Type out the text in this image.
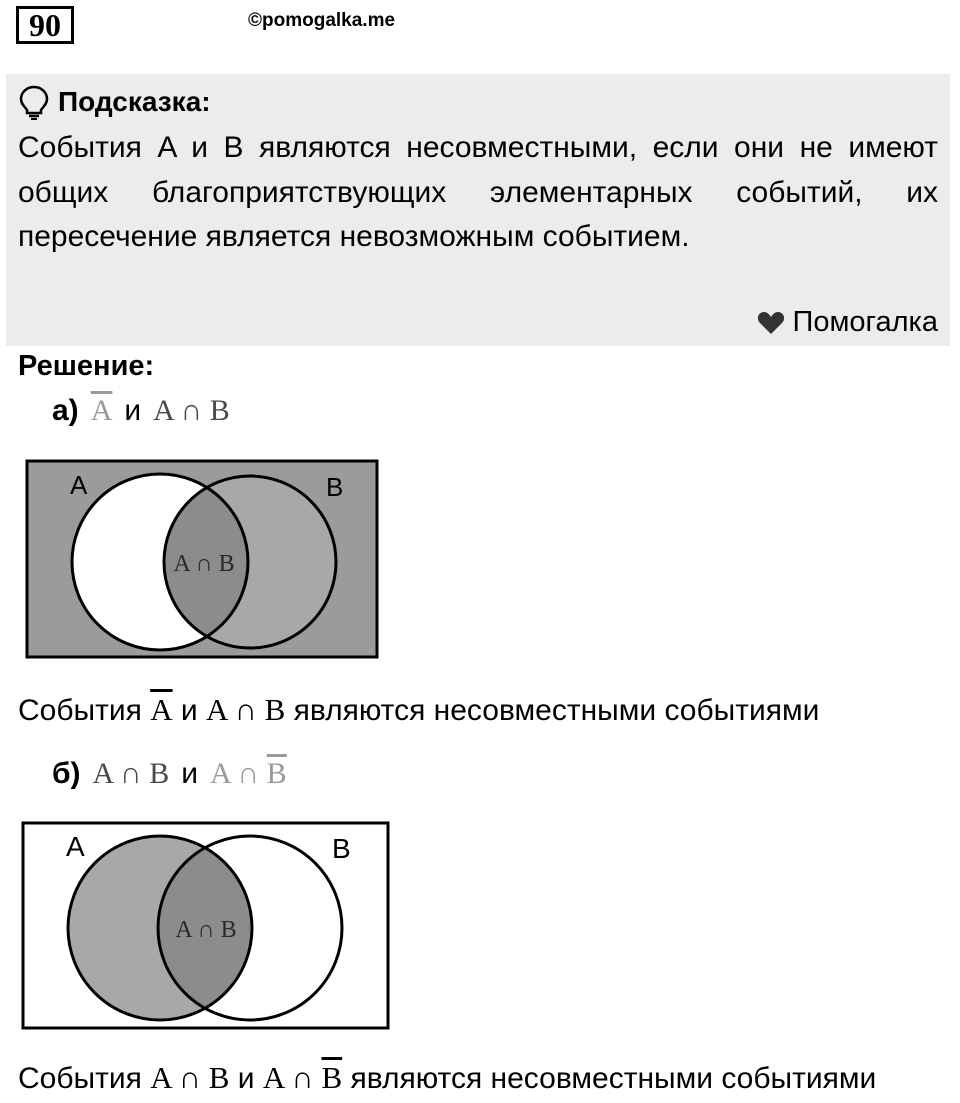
90	©pomogalka.me
Подсказка:
События A и B являются несовместными, если они не имеют общих благоприятствующих элементарных событий, их пересечение является невозможным событием.
Помогалка
Решение:
а) $\overline{A}$ и A ∩ B
A	B
A ∩ B
События $\overline{A}$ и A ∩ B являются несовместными событиями
б) A ∩ B и A ∩ $\overline{B}$
A	B
A ∩ B
События A ∩ B и A ∩ $\overline{B}$ являются несовместными событиями
